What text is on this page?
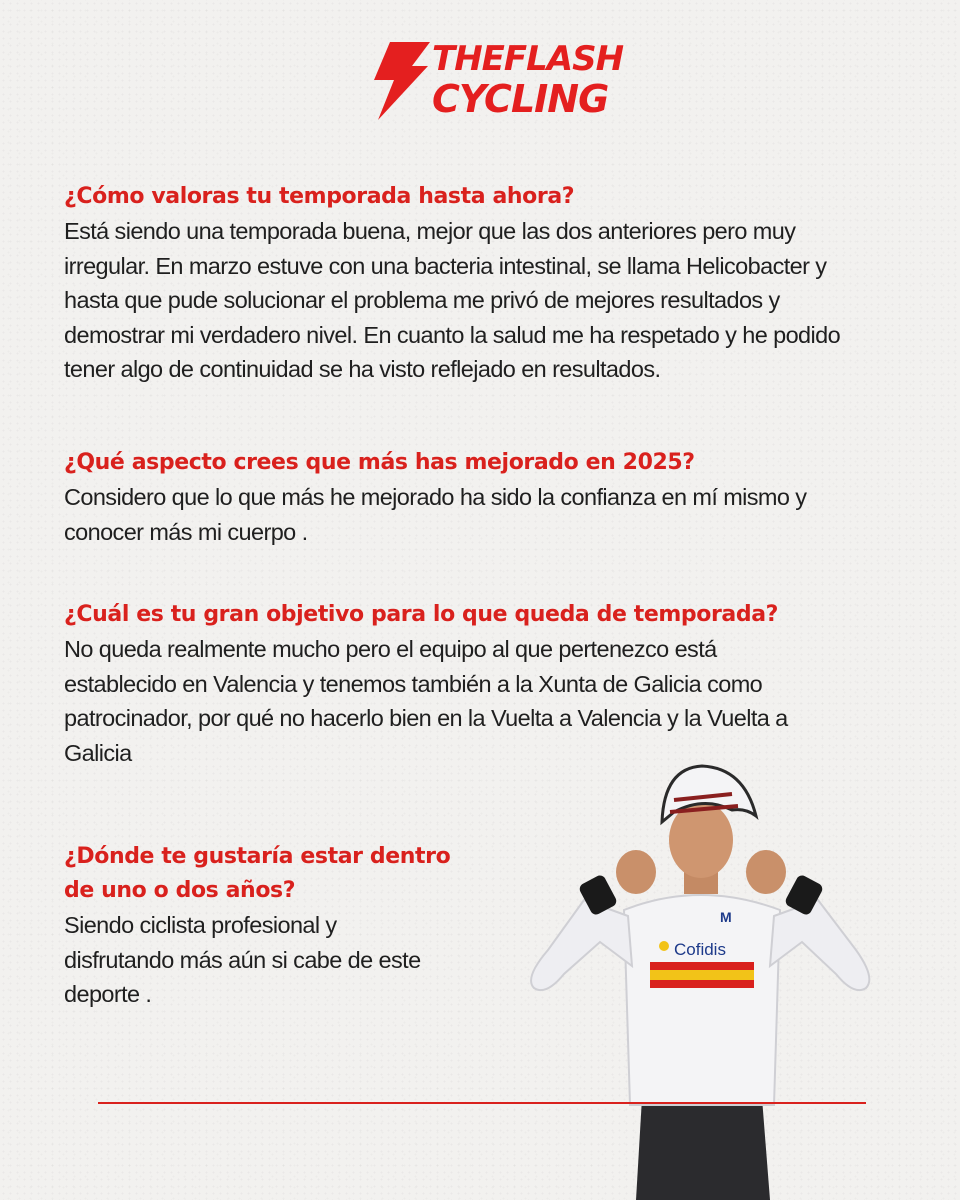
THEFLASH
CYCLING

¿Cómo valoras tu temporada hasta ahora?

Está siendo una temporada buena, mejor que las dos anteriores pero muy
irregular. En marzo estuve con una bacteria intestinal, se llama Helicobacter y
hasta que pude solucionar el problema me privó de mejores resultados y
demostrar mi verdadero nivel. En cuanto la salud me ha respetado y he podido
tener algo de continuidad se ha visto reflejado en resultados.

¿Qué aspecto crees que más has mejorado en 2025?

Considero que lo que más he mejorado ha sido la confianza en mí mismo y
conocer más mi cuerpo .

¿Cuál es tu gran objetivo para lo que queda de temporada?

No queda realmente mucho pero el equipo al que pertenezco está
establecido en Valencia y tenemos también a la Xunta de Galicia como
patrocinador, por qué no hacerlo bien en la Vuelta a Valencia y la Vuelta a
Galicia

¿Dónde te gustaría estar dentro
de uno o dos años?

Siendo ciclista profesional y
disfrutando más aún si cabe de este
deporte .

Cofidis
M
